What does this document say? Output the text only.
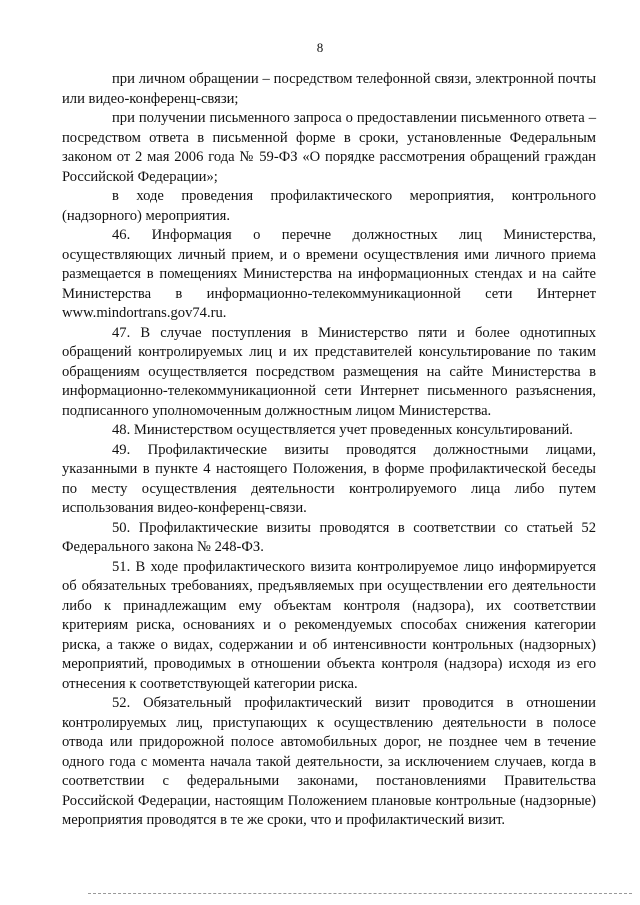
8

при личном обращении – посредством телефонной связи, электронной почты или видео-конференц-связи;

при получении письменного запроса о предоставлении письменного ответа – посредством ответа в письменной форме в сроки, установленные Федеральным законом от 2 мая 2006 года № 59-ФЗ «О порядке рассмотрения обращений граждан Российской Федерации»;

в ходе проведения профилактического мероприятия, контрольного (надзорного) мероприятия.

46. Информация о перечне должностных лиц Министерства, осуществляющих личный прием, и о времени осуществления ими личного приема размещается в помещениях Министерства на информационных стендах и на сайте Министерства в информационно-телекоммуникационной сети Интернет www.mindortrans.gov74.ru.

47. В случае поступления в Министерство пяти и более однотипных обращений контролируемых лиц и их представителей консультирование по таким обращениям осуществляется посредством размещения на сайте Министерства в информационно-телекоммуникационной сети Интернет письменного разъяснения, подписанного уполномоченным должностным лицом Министерства.

48. Министерством осуществляется учет проведенных консультирований.

49. Профилактические визиты проводятся должностными лицами, указанными в пункте 4 настоящего Положения, в форме профилактической беседы по месту осуществления деятельности контролируемого лица либо путем использования видео-конференц-связи.

50. Профилактические визиты проводятся в соответствии со статьей 52 Федерального закона № 248-ФЗ.

51. В ходе профилактического визита контролируемое лицо информируется об обязательных требованиях, предъявляемых при осуществлении его деятельности либо к принадлежащим ему объектам контроля (надзора), их соответствии критериям риска, основаниях и о рекомендуемых способах снижения категории риска, а также о видах, содержании и об интенсивности контрольных (надзорных) мероприятий, проводимых в отношении объекта контроля (надзора) исходя из его отнесения к соответствующей категории риска.

52. Обязательный профилактический визит проводится в отношении контролируемых лиц, приступающих к осуществлению деятельности в полосе отвода или придорожной полосе автомобильных дорог, не позднее чем в течение одного года с момента начала такой деятельности, за исключением случаев, когда в соответствии с федеральными законами, постановлениями Правительства Российской Федерации, настоящим Положением плановые контрольные (надзорные) мероприятия проводятся в те же сроки, что и профилактический визит.
